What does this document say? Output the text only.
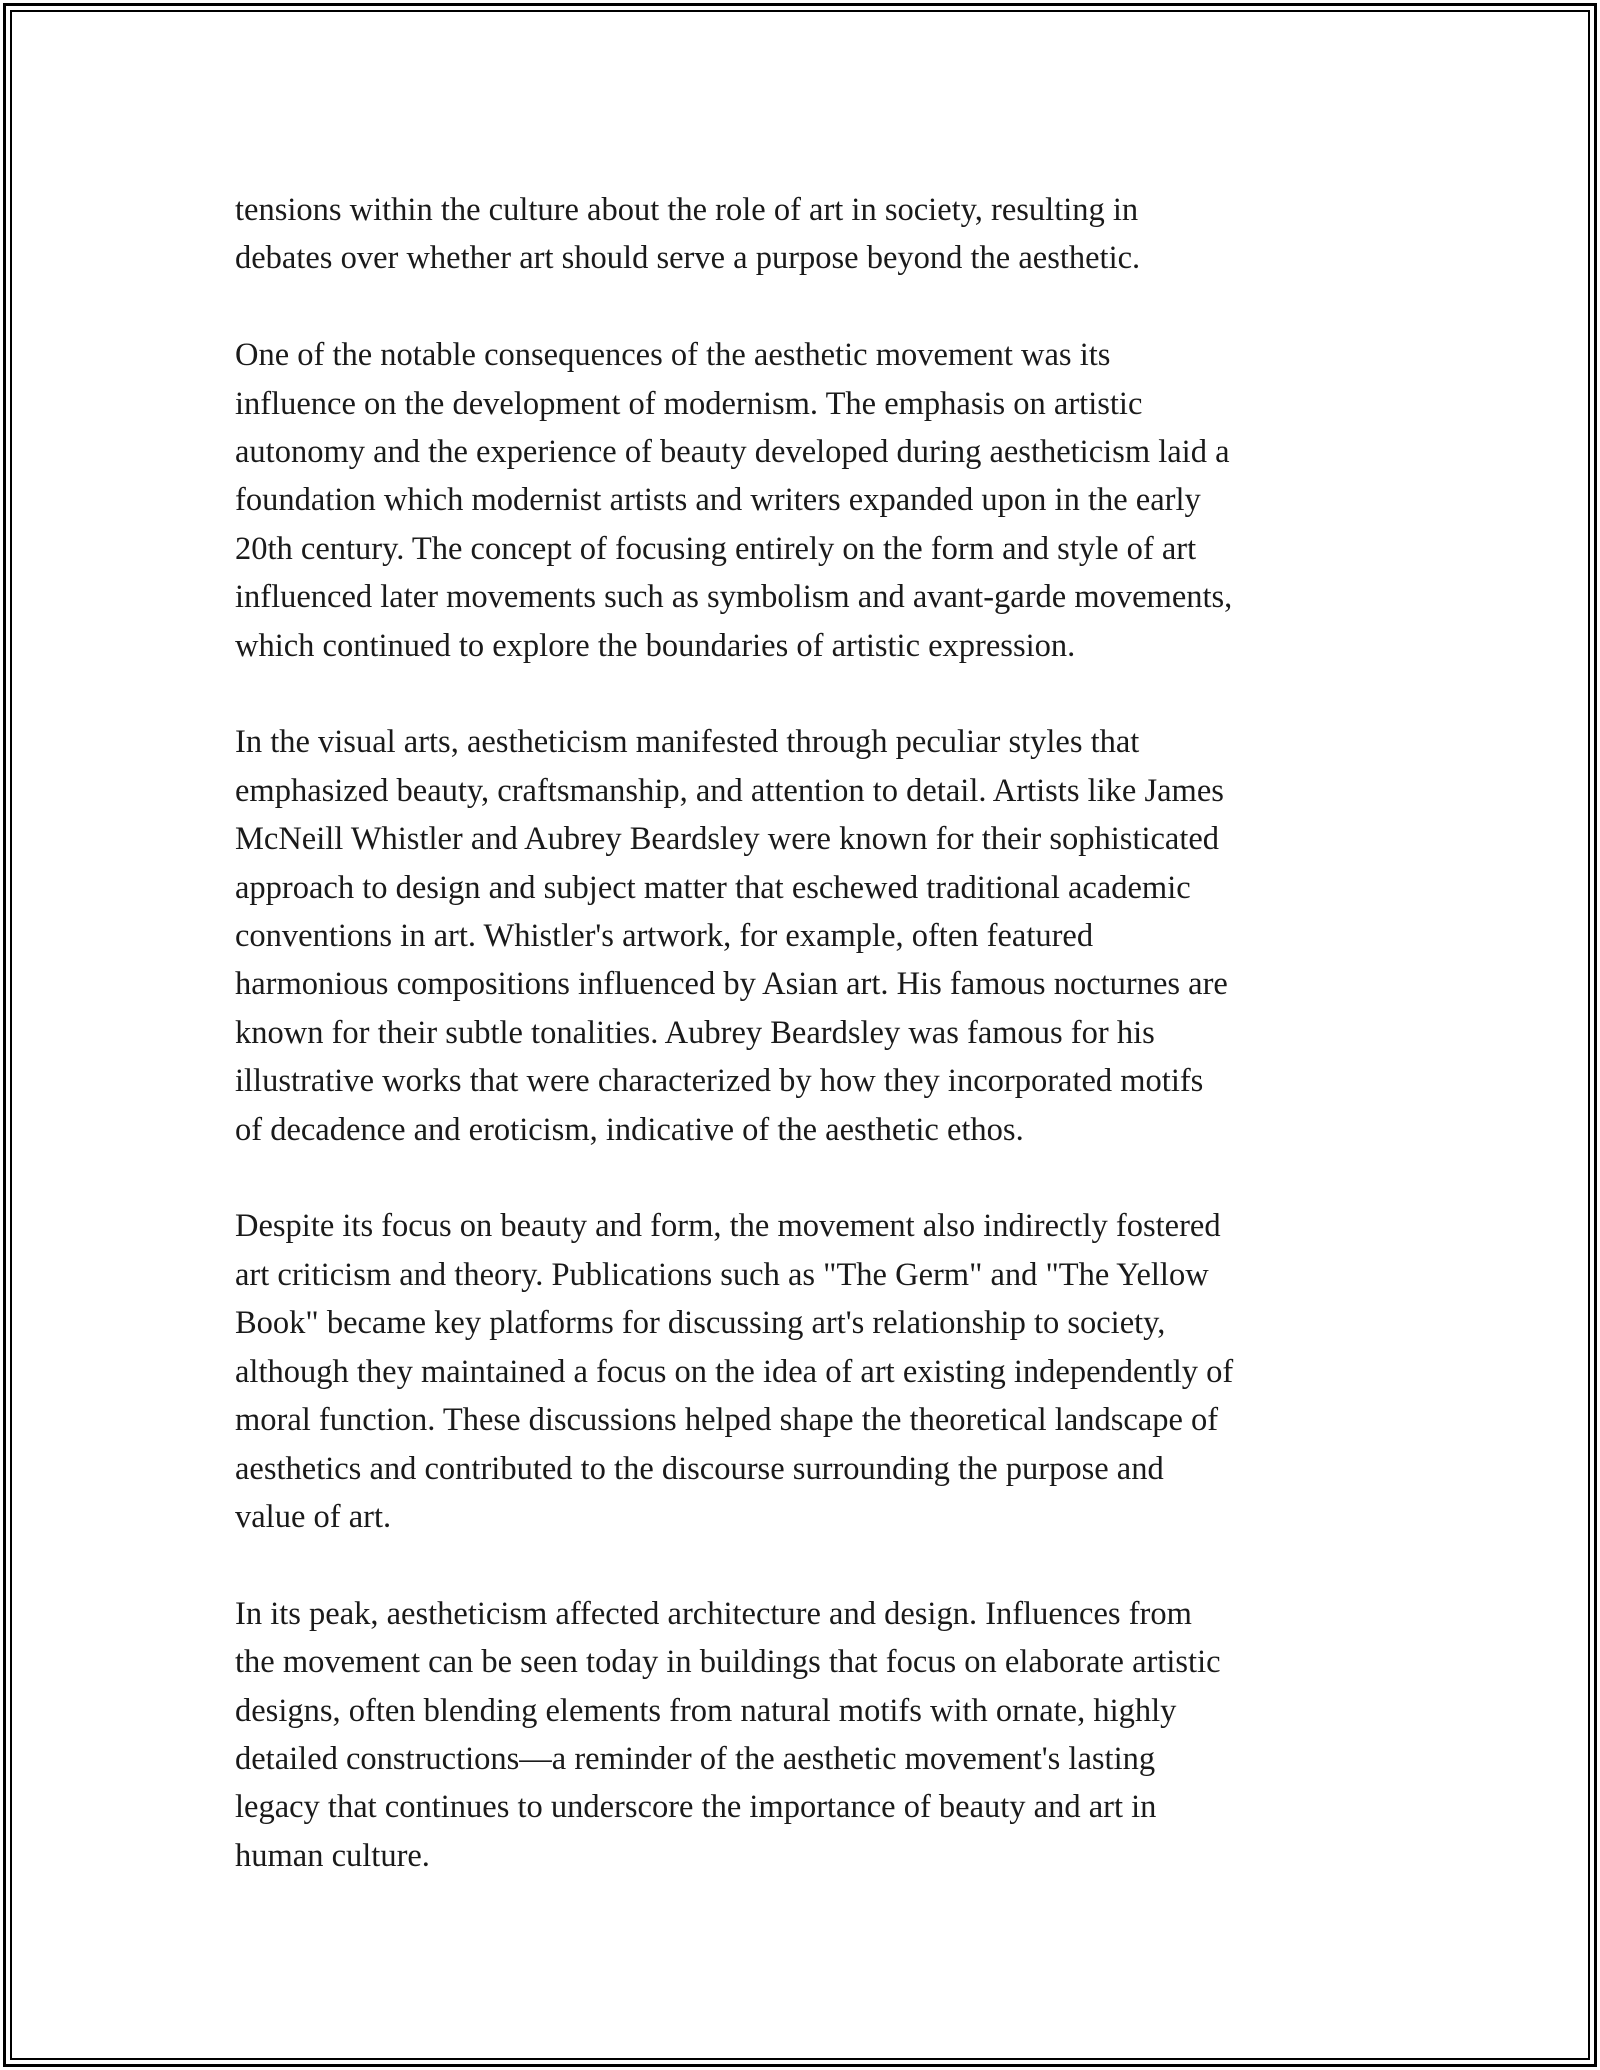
tensions within the culture about the role of art in society, resulting in
debates over whether art should serve a purpose beyond the aesthetic.

One of the notable consequences of the aesthetic movement was its
influence on the development of modernism. The emphasis on artistic
autonomy and the experience of beauty developed during aestheticism laid a
foundation which modernist artists and writers expanded upon in the early
20th century. The concept of focusing entirely on the form and style of art
influenced later movements such as symbolism and avant-garde movements,
which continued to explore the boundaries of artistic expression.

In the visual arts, aestheticism manifested through peculiar styles that
emphasized beauty, craftsmanship, and attention to detail. Artists like James
McNeill Whistler and Aubrey Beardsley were known for their sophisticated
approach to design and subject matter that eschewed traditional academic
conventions in art. Whistler's artwork, for example, often featured
harmonious compositions influenced by Asian art. His famous nocturnes are
known for their subtle tonalities. Aubrey Beardsley was famous for his
illustrative works that were characterized by how they incorporated motifs
of decadence and eroticism, indicative of the aesthetic ethos.

Despite its focus on beauty and form, the movement also indirectly fostered
art criticism and theory. Publications such as "The Germ" and "The Yellow
Book" became key platforms for discussing art's relationship to society,
although they maintained a focus on the idea of art existing independently of
moral function. These discussions helped shape the theoretical landscape of
aesthetics and contributed to the discourse surrounding the purpose and
value of art.

In its peak, aestheticism affected architecture and design. Influences from
the movement can be seen today in buildings that focus on elaborate artistic
designs, often blending elements from natural motifs with ornate, highly
detailed constructions—a reminder of the aesthetic movement's lasting
legacy that continues to underscore the importance of beauty and art in
human culture.
